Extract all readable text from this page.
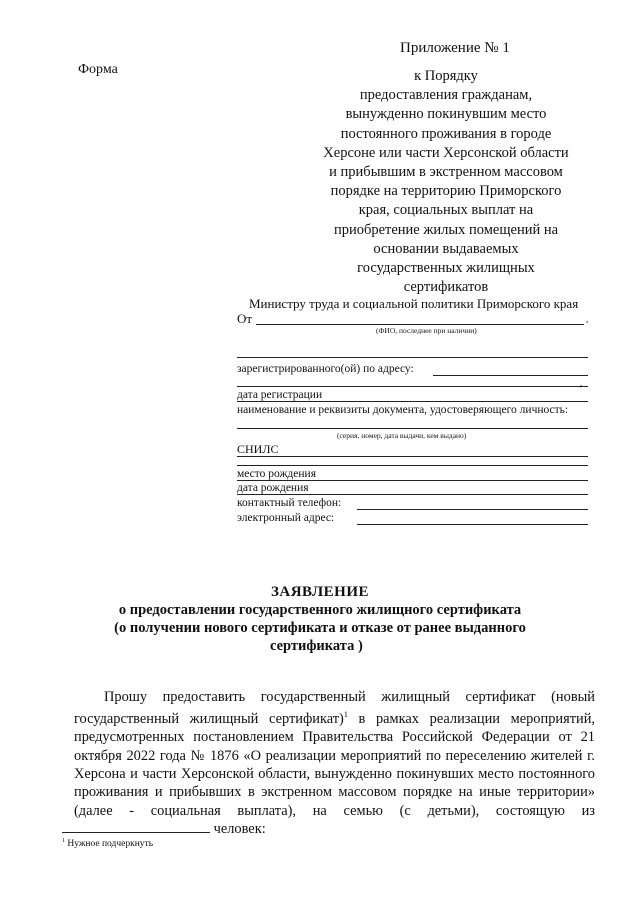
Форма
Приложение № 1
к Порядку
предоставления гражданам,
вынужденно покинувшим место
постоянного проживания в городе
Херсоне или части Херсонской области
и прибывшим в экстренном массовом
порядке на территорию Приморского
края, социальных выплат на
приобретение жилых помещений на
основании выдаваемых
государственных жилищных
сертификатов
Министру труда и социальной политики Приморского края
От	,
(ФИО, последнее при наличии)
зарегистрированного(ой) по адресу:
,
дата регистрации
наименование и реквизиты документа, удостоверяющего личность:
(серия, номер, дата выдачи, кем выдано)
СНИЛС
место рождения
дата рождения
контактный телефон:
электронный адрес:
ЗАЯВЛЕНИЕ
о предоставлении государственного жилищного сертификата
(о получении нового сертификата и отказе от ранее выданного
сертификата )
Прошу предоставить государственный жилищный сертификат (новый государственный жилищный сертификат)$^1$ в рамках реализации мероприятий, предусмотренных постановлением Правительства Российской Федерации от 21 октября 2022 года № 1876 «О реализации мероприятий по переселению жителей г. Херсона и части Херсонской области, вынужденно покинувших место постоянного проживания и прибывших в экстренном массовом порядке на иные территории» (далее - социальная выплата), на семью (с детьми), состоящую из  человек:
$^1$ Нужное подчеркнуть
